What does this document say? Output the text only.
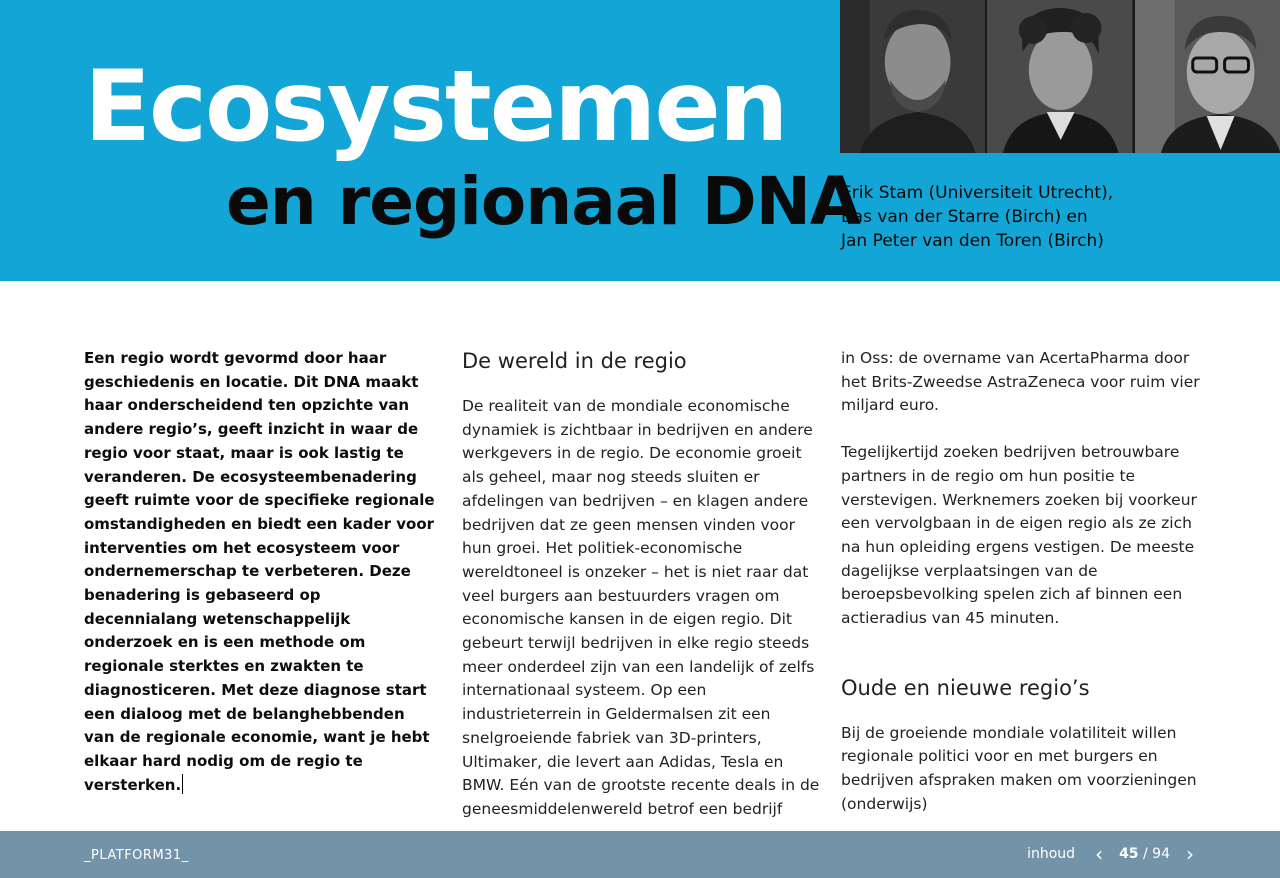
Ecosystemen
en regionaal DNA
Erik Stam (Universiteit Utrecht),
Bas van der Starre (Birch) en
Jan Peter van den Toren (Birch)

Een regio wordt gevormd door haar geschiedenis en locatie. Dit DNA maakt haar onderscheidend ten opzichte van andere regio’s, geeft inzicht in waar de regio voor staat, maar is ook lastig te veranderen. De ecosysteembenadering geeft ruimte voor de specifieke regionale omstandigheden en biedt een kader voor interventies om het ecosysteem voor ondernemerschap te verbeteren. Deze benadering is gebaseerd op decennialang wetenschappelijk onderzoek en is een methode om regionale sterktes en zwakten te diagnosticeren. Met deze diagnose start een dialoog met de belanghebbenden van de regionale economie, want je hebt elkaar hard nodig om de regio te versterken.

De wereld in de regio

De realiteit van de mondiale economische dynamiek is zichtbaar in bedrijven en andere werkgevers in de regio. De economie groeit als geheel, maar nog steeds sluiten er afdelingen van bedrijven – en klagen andere bedrijven dat ze geen mensen vinden voor hun groei. Het politiek-economische wereldtoneel is onzeker – het is niet raar dat veel burgers aan bestuurders vragen om economische kansen in de eigen regio. Dit gebeurt terwijl bedrijven in elke regio steeds meer onderdeel zijn van een landelijk of zelfs internationaal systeem. Op een industrieterrein in Geldermalsen zit een snelgroeiende fabriek van 3D-printers, Ultimaker, die levert aan Adidas, Tesla en BMW. Eén van de grootste recente deals in de geneesmiddelenwereld betrof een bedrijf

in Oss: de overname van AcertaPharma door het Brits-Zweedse AstraZeneca voor ruim vier miljard euro.

Tegelijkertijd zoeken bedrijven betrouwbare partners in de regio om hun positie te verstevigen. Werknemers zoeken bij voorkeur een vervolgbaan in de eigen regio als ze zich na hun opleiding ergens vestigen. De meeste dagelijkse verplaatsingen van de beroepsbevolking spelen zich af binnen een actieradius van 45 minuten.

Oude en nieuwe regio’s

Bij de groeiende mondiale volatiliteit willen regionale politici voor en met burgers en bedrijven afspraken maken om voorzieningen (onderwijs)

_PLATFORM31_	inhoud ‹ 45 / 94 ›
